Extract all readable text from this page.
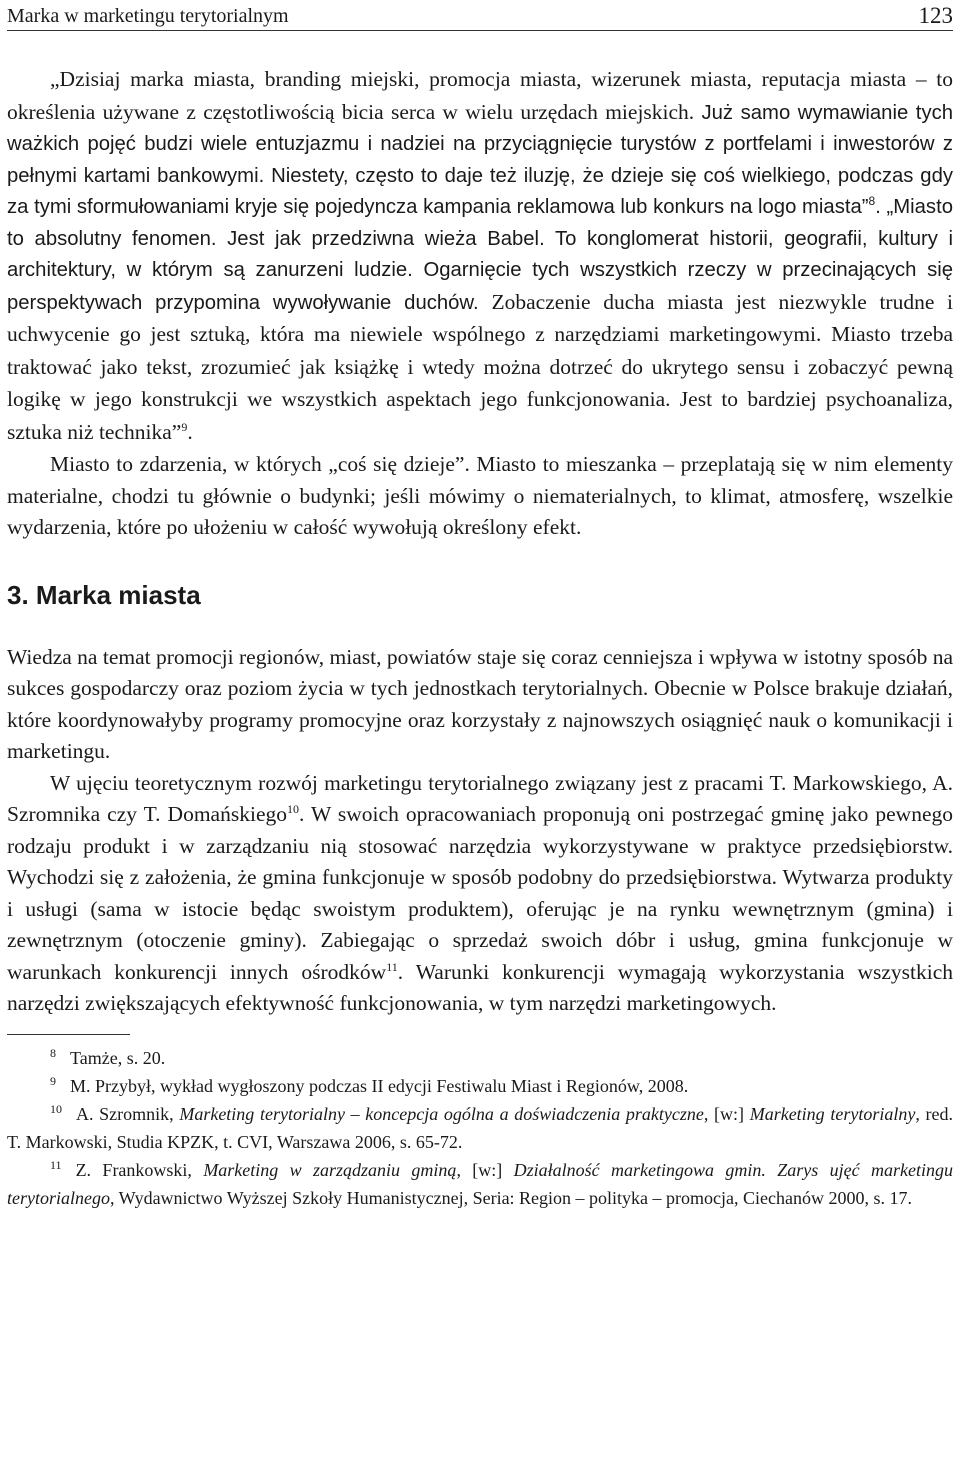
Marka w marketingu terytorialnym	123

„Dzisiaj marka miasta, branding miejski, promocja miasta, wizerunek miasta, reputacja miasta – to określenia używane z częstotliwością bicia serca w wielu urzędach miejskich. Już samo wymawianie tych ważkich pojęć budzi wiele entuzjazmu i nadziei na przyciągnięcie turystów z portfelami i inwestorów z pełnymi kartami bankowymi. Niestety, często to daje też iluzję, że dzieje się coś wielkiego, podczas gdy za tymi sformułowaniami kryje się pojedyncza kampania reklamowa lub konkurs na logo miasta”$^8$. „Miasto to absolutny fenomen. Jest jak przedziwna wieża Babel. To konglomerat historii, geografii, kultury i architektury, w którym są zanurzeni ludzie. Ogarnięcie tych wszystkich rzeczy w przecinających się perspektywach przypomina wywoływanie duchów. Zobaczenie ducha miasta jest niezwykle trudne i uchwycenie go jest sztuką, która ma niewiele wspólnego z narzędziami marketingowymi. Miasto trzeba traktować jako tekst, zrozumieć jak książkę i wtedy można dotrzeć do ukrytego sensu i zobaczyć pewną logikę w jego konstrukcji we wszystkich aspektach jego funkcjonowania. Jest to bardziej psychoanaliza, sztuka niż technika”$^9$.

Miasto to zdarzenia, w których „coś się dzieje”. Miasto to mieszanka – przeplatają się w nim elementy materialne, chodzi tu głównie o budynki; jeśli mówimy o niematerialnych, to klimat, atmosferę, wszelkie wydarzenia, które po ułożeniu w całość wywołują określony efekt.

3. Marka miasta

Wiedza na temat promocji regionów, miast, powiatów staje się coraz cenniejsza i wpływa w istotny sposób na sukces gospodarczy oraz poziom życia w tych jednostkach terytorialnych. Obecnie w Polsce brakuje działań, które koordynowałyby programy promocyjne oraz korzystały z najnowszych osiągnięć nauk o komunikacji i marketingu.

W ujęciu teoretycznym rozwój marketingu terytorialnego związany jest z pracami T. Markowskiego, A. Szromnika czy T. Domańskiego$^{10}$. W swoich opracowaniach proponują oni postrzegać gminę jako pewnego rodzaju produkt i w zarządzaniu nią stosować narzędzia wykorzystywane w praktyce przedsiębiorstw. Wychodzi się z założenia, że gmina funkcjonuje w sposób podobny do przedsiębiorstwa. Wytwarza produkty i usługi (sama w istocie będąc swoistym produktem), oferując je na rynku wewnętrznym (gmina) i zewnętrznym (otoczenie gminy). Zabiegając o sprzedaż swoich dóbr i usług, gmina funkcjonuje w warunkach konkurencji innych ośrodków$^{11}$. Warunki konkurencji wymagają wykorzystania wszystkich narzędzi zwiększających efektywność funkcjonowania, w tym narzędzi marketingowych.

$^8$ Tamże, s. 20.

$^9$ M. Przybył, wykład wygłoszony podczas II edycji Festiwalu Miast i Regionów, 2008.

$^{10}$ A. Szromnik, Marketing terytorialny – koncepcja ogólna a doświadczenia praktyczne, [w:] Marketing terytorialny, red. T. Markowski, Studia KPZK, t. CVI, Warszawa 2006, s. 65-72.

$^{11}$ Z. Frankowski, Marketing w zarządzaniu gminą, [w:] Działalność marketingowa gmin. Zarys ujęć marketingu terytorialnego, Wydawnictwo Wyższej Szkoły Humanistycznej, Seria: Region – polityka – promocja, Ciechanów 2000, s. 17.
